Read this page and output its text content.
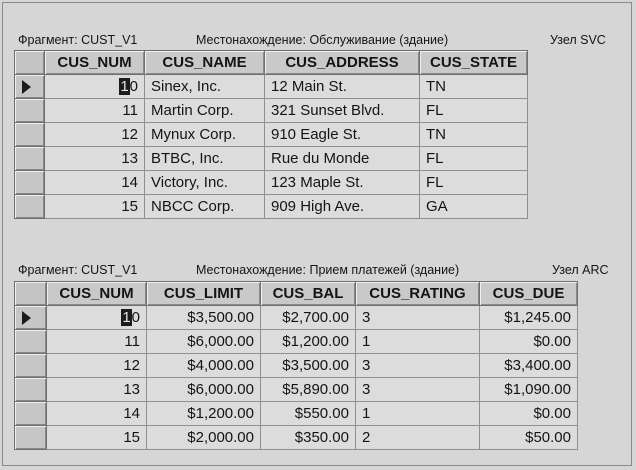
Фрагмент: CUST_V1	Местонахождение: Обслуживание (здание)	Узел SVC
	CUS_NUM	CUS_NAME	CUS_ADDRESS	CUS_STATE

	10	Sinex, Inc.	12 Main St.	TN
	11	Martin Corp.	321 Sunset Blvd.	FL
	12	Mynux Corp.	910 Eagle St.	TN
	13	BTBC, Inc.	Rue du Monde	FL
	14	Victory, Inc.	123 Maple St.	FL
	15	NBCC Corp.	909 High Ave.	GA
Фрагмент: CUST_V1	Местонахождение: Прием платежей (здание)	Узел ARC
	CUS_NUM	CUS_LIMIT	CUS_BAL	CUS_RATING	CUS_DUE

	10	$3,500.00	$2,700.00	3	$1,245.00
	11	$6,000.00	$1,200.00	1	$0.00
	12	$4,000.00	$3,500.00	3	$3,400.00
	13	$6,000.00	$5,890.00	3	$1,090.00
	14	$1,200.00	$550.00	1	$0.00
	15	$2,000.00	$350.00	2	$50.00
